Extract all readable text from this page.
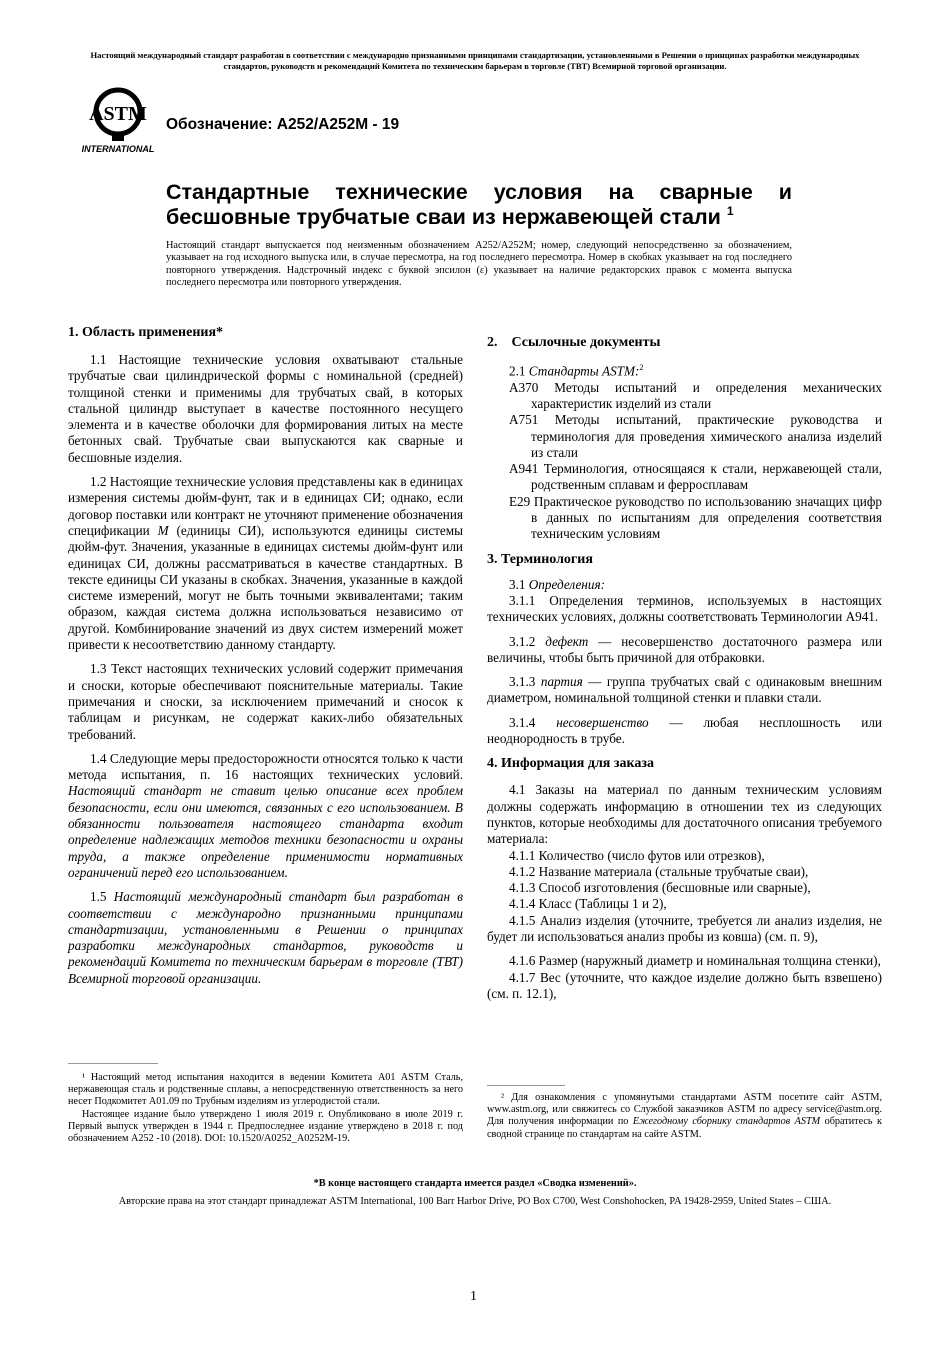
Настоящий международный стандарт разработан в соответствии с международно признанными принципами стандартизации, установленными в Решении о принципах разработки международных стандартов, руководств и рекомендаций Комитета по техническим барьерам в торговле (ТВТ) Всемирной торговой организации.
ASTM
INTERNATIONAL
Обозначение: A252/A252M - 19
Стандартные технические условия на сварные и бесшовные трубчатые сваи из нержавеющей стали $^1$
Настоящий стандарт выпускается под неизменным обозначением A252/A252M; номер, следующий непосредственно за обозначением, указывает на год исходного выпуска или, в случае пересмотра, на год последнего пересмотра. Номер в скобках указывает на год последнего повторного утверждения. Надстрочный индекс с буквой эпсилон (ε) указывает на наличие редакторских правок с момента выпуска последнего пересмотра или повторного утверждения.
1. Область применения*

1.1 Настоящие технические условия охватывают стальные трубчатые сваи цилиндрической формы с номинальной (средней) толщиной стенки и применимы для трубчатых свай, в которых стальной цилиндр выступает в качестве постоянного несущего элемента и в качестве оболочки для формирования литых на месте бетонных свай. Трубчатые сваи выпускаются как сварные и бесшовные изделия.

1.2 Настоящие технические условия представлены как в единицах измерения системы дюйм-фунт, так и в единицах СИ; однако, если договор поставки или контракт не уточняют применение обозначения спецификации M (единицы СИ), используются единицы системы дюйм-фут. Значения, указанные в единицах системы дюйм-фунт или единицах СИ, должны рассматриваться в качестве стандартных. В тексте единицы СИ указаны в скобках. Значения, указанные в каждой системе измерений, могут не быть точными эквивалентами; таким образом, каждая система должна использоваться независимо от другой. Комбинирование значений из двух систем измерений может привести к несоответствию данному стандарту.

1.3 Текст настоящих технических условий содержит примечания и сноски, которые обеспечивают пояснительные материалы. Такие примечания и сноски, за исключением примечаний и сносок к таблицам и рисункам, не содержат каких-либо обязательных требований.

1.4 Следующие меры предосторожности относятся только к части метода испытания, п. 16 настоящих технических условий. Настоящий стандарт не ставит целью описание всех проблем безопасности, если они имеются, связанных с его использованием. В обязанности пользователя настоящего стандарта входит определение надлежащих методов техники безопасности и охраны труда, а также определение применимости нормативных ограничений перед его использованием.

1.5 Настоящий международный стандарт был разработан в соответствии с международно признанными принципами стандартизации, установленными в Решении о принципах разработки международных стандартов, руководств и рекомендаций Комитета по техническим барьерам в торговле (ТВТ) Всемирной торговой организации.

¹ Настоящий метод испытания находится в ведении Комитета A01 ASTM Сталь, нержавеющая сталь и родственные сплавы, а непосредственную ответственность за него несет Подкомитет A01.09 по Трубным изделиям из углеродистой стали.

Настоящее издание было утверждено 1 июля 2019 г. Опубликовано в июле 2019 г. Первый выпуск утвержден в 1944 г. Предпоследнее издание утверждено в 2018 г. под обозначением A252 -10 (2018). DOI: 10.1520/A0252_A0252M-19.

2.    Ссылочные документы

2.1 Стандарты ASTM:$^2$

A370 Методы испытаний и определения механических характеристик изделий из стали

A751 Методы испытаний, практические руководства и терминология для проведения химического анализа изделий из стали

A941 Терминология, относящаяся к стали, нержавеющей стали, родственным сплавам и ферросплавам

E29 Практическое руководство по использованию значащих цифр в данных по испытаниям для определения соответствия техническим условиям

3. Терминология

3.1 Определения:

3.1.1 Определения терминов, используемых в настоящих технических условиях, должны соответствовать Терминологии A941.

3.1.2 дефект — несовершенство достаточного размера или величины, чтобы быть причиной для отбраковки.

3.1.3 партия — группа трубчатых свай с одинаковым внешним диаметром, номинальной толщиной стенки и плавки стали.

3.1.4 несовершенство — любая несплошность или неоднородность в трубе.

4. Информация для заказа

4.1 Заказы на материал по данным техническим условиям должны содержать информацию в отношении тех из следующих пунктов, которые необходимы для достаточного описания требуемого материала:

4.1.1 Количество (число футов или отрезков),

4.1.2 Название материала (стальные трубчатые сваи),

4.1.3 Способ изготовления (бесшовные или сварные),

4.1.4 Класс (Таблицы 1 и 2),

4.1.5 Анализ изделия (уточните, требуется ли анализ изделия, не будет ли использоваться анализ пробы из ковша) (см. п. 9),

4.1.6 Размер (наружный диаметр и номинальная толщина стенки),

4.1.7 Вес (уточните, что каждое изделие должно быть взвешено) (см. п. 12.1),

² Для ознакомления с упомянутыми стандартами ASTM посетите сайт ASTM, www.astm.org, или свяжитесь со Службой заказчиков ASTM по адресу service@astm.org. Для получения информации по Ежегодному сборнику стандартов ASTM обратитесь к сводной странице по стандартам на сайте ASTM.

*В конце настоящего стандарта имеется раздел «Сводка изменений».
Авторские права на этот стандарт принадлежат ASTM International, 100 Barr Harbor Drive, PO Box C700, West Conshohocken, PA 19428-2959, United States – США.
1
